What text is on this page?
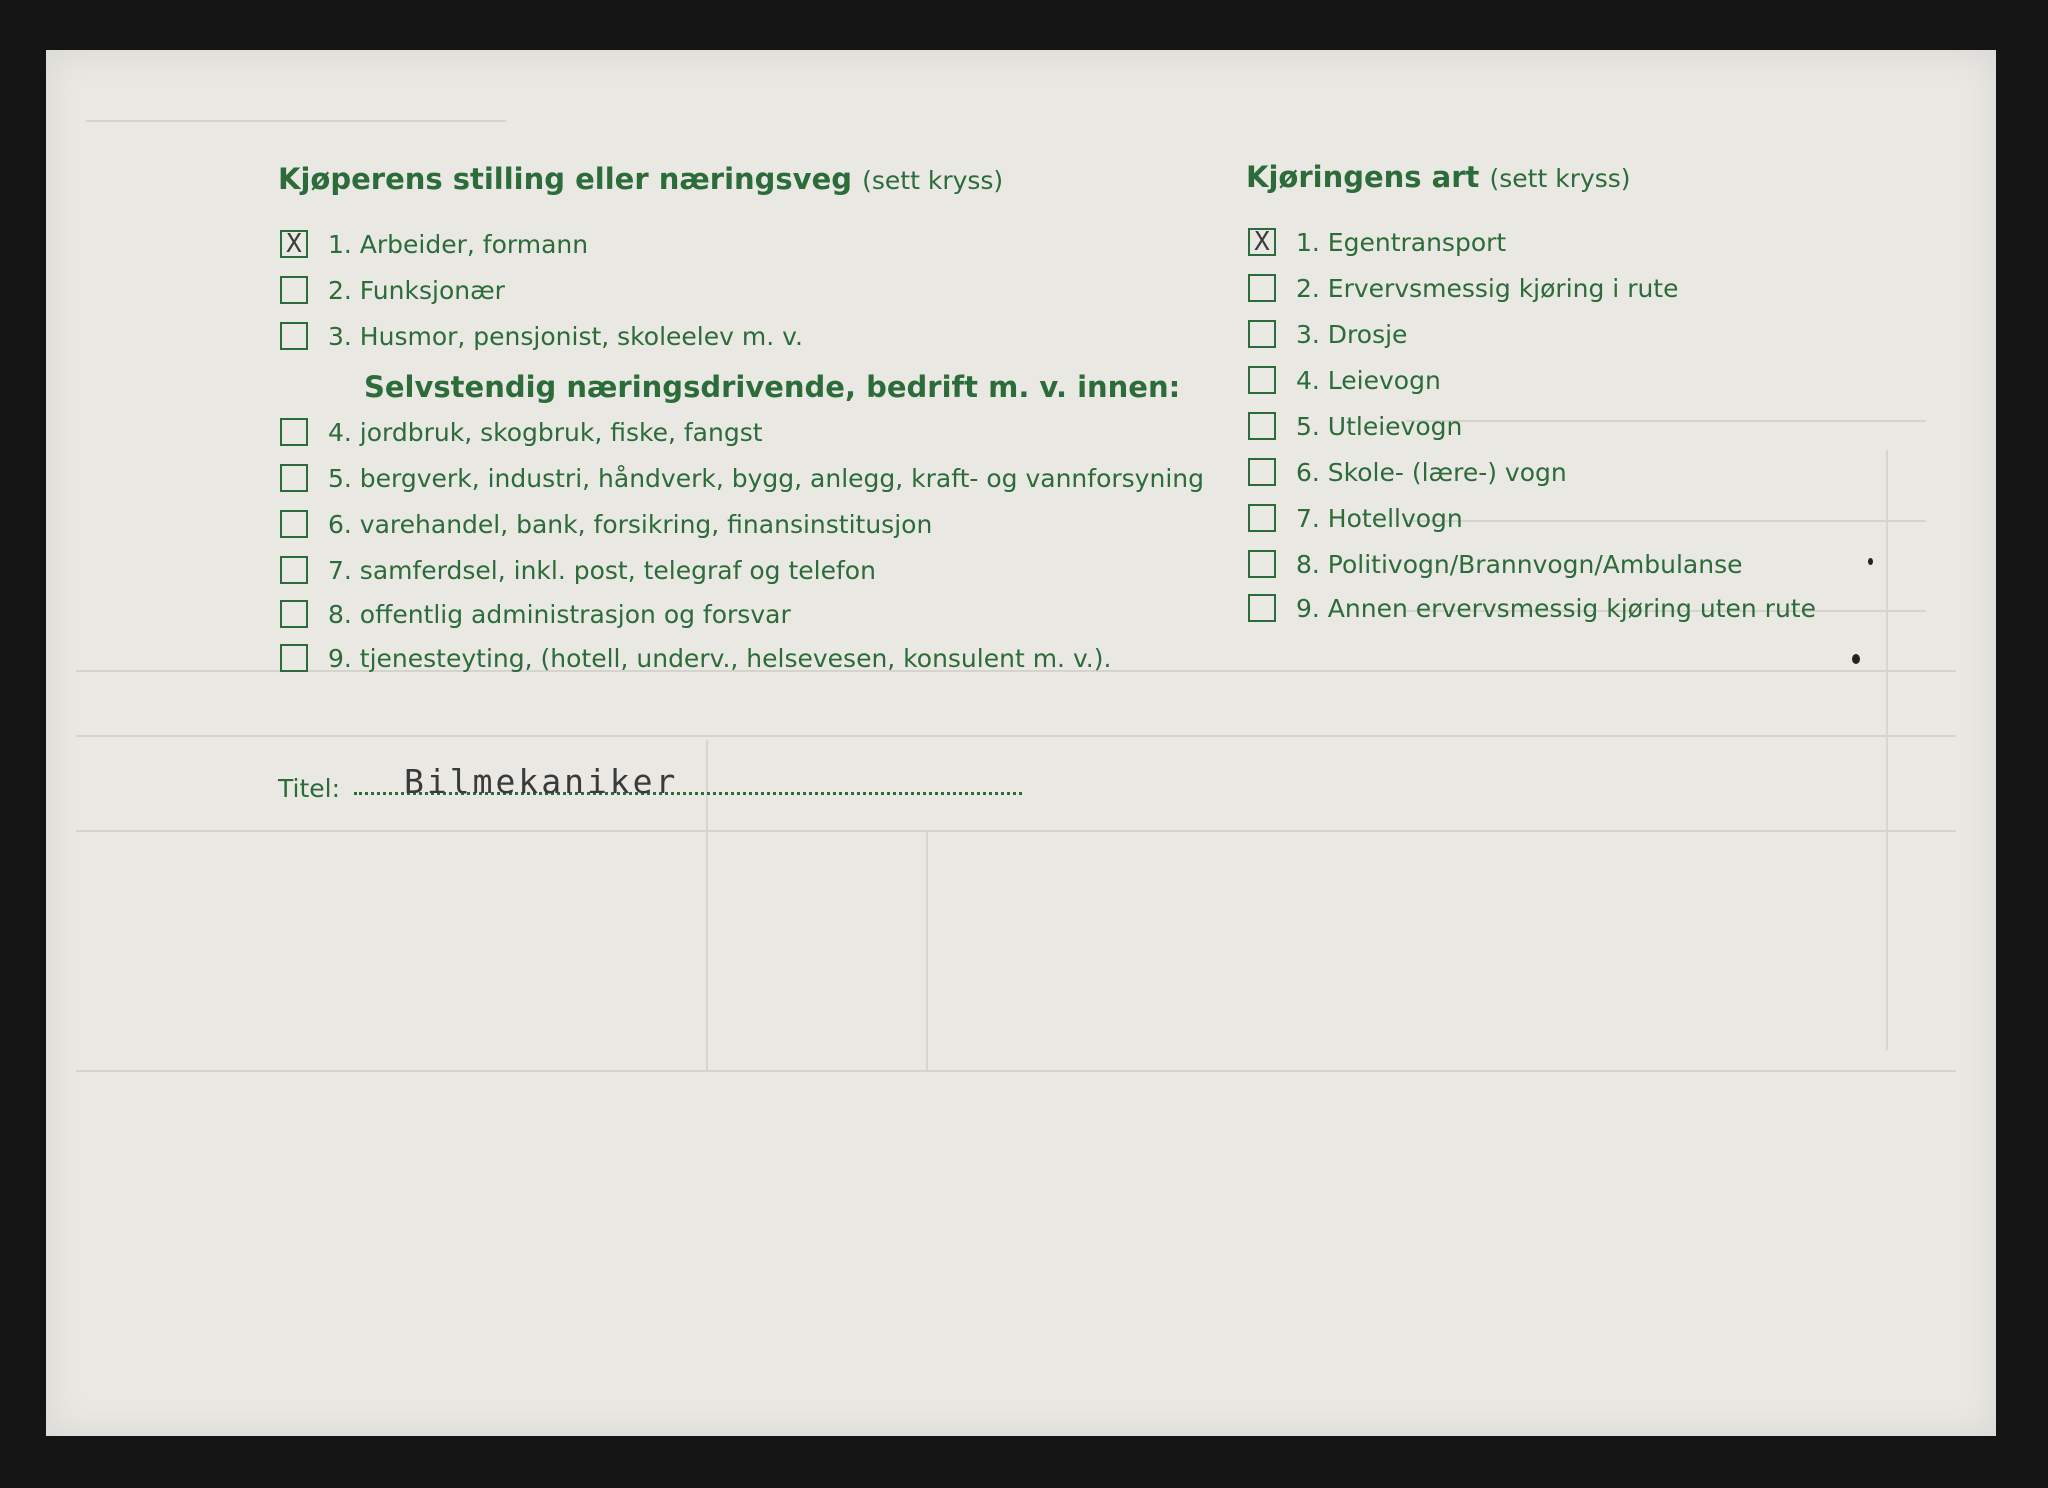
Kjøperens stilling eller næringsveg (sett kryss)
X 1. Arbeider, formann
2. Funksjonær
3. Husmor, pensjonist, skoleelev m. v.
Selvstendig næringsdrivende, bedrift m. v. innen:
4. jordbruk, skogbruk, fiske, fangst
5. bergverk, industri, håndverk, bygg, anlegg, kraft- og vannforsyning
6. varehandel, bank, forsikring, finansinstitusjon
7. samferdsel, inkl. post, telegraf og telefon
8. offentlig administrasjon og forsvar
9. tjenesteyting, (hotell, underv., helsevesen, konsulent m. v.).
Kjøringens art (sett kryss)
X 1. Egentransport
2. Ervervsmessig kjøring i rute
3. Drosje
4. Leievogn
5. Utleievogn
6. Skole- (lære-) vogn
7. Hotellvogn
8. Politivogn/Brannvogn/Ambulanse
9. Annen ervervsmessig kjøring uten rute
Titel: Bilmekaniker
